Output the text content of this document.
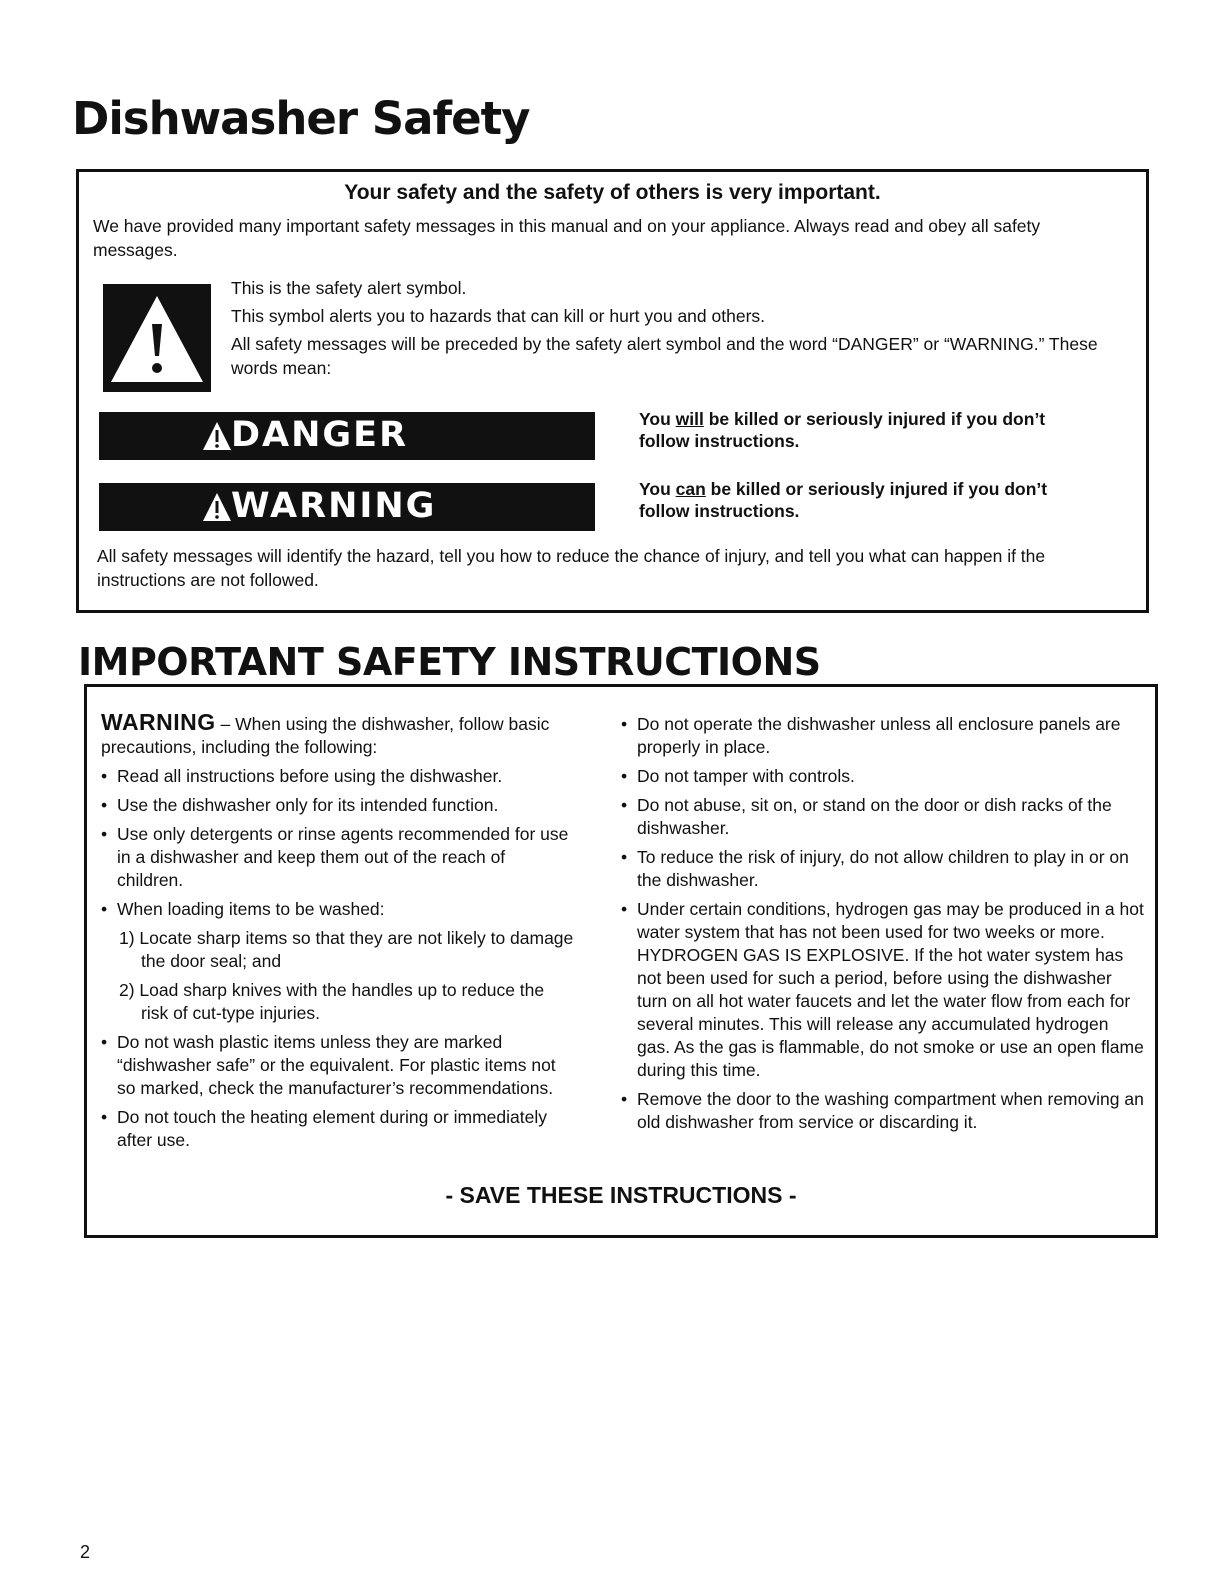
Dishwasher Safety

Your safety and the safety of others is very important.

We have provided many important safety messages in this manual and on your appliance. Always read and obey all safety messages.

This is the safety alert symbol.

This symbol alerts you to hazards that can kill or hurt you and others.

All safety messages will be preceded by the safety alert symbol and the word “DANGER” or “WARNING.” These words mean:

DANGER	You will be killed or seriously injured if you don’t follow instructions.

WARNING	You can be killed or seriously injured if you don’t follow instructions.

All safety messages will identify the hazard, tell you how to reduce the chance of injury, and tell you what can happen if the instructions are not followed.

IMPORTANT SAFETY INSTRUCTIONS

WARNING – When using the dishwasher, follow basic precautions, including the following:

• Read all instructions before using the dishwasher.
• Use the dishwasher only for its intended function.
• Use only detergents or rinse agents recommended for use in a dishwasher and keep them out of the reach of children.
• When loading items to be washed:
1) Locate sharp items so that they are not likely to damage the door seal; and
2) Load sharp knives with the handles up to reduce the risk of cut-type injuries.
• Do not wash plastic items unless they are marked “dishwasher safe” or the equivalent. For plastic items not so marked, check the manufacturer’s recommendations.
• Do not touch the heating element during or immediately after use.
• Do not operate the dishwasher unless all enclosure panels are properly in place.
• Do not tamper with controls.
• Do not abuse, sit on, or stand on the door or dish racks of the dishwasher.
• To reduce the risk of injury, do not allow children to play in or on the dishwasher.
• Under certain conditions, hydrogen gas may be produced in a hot water system that has not been used for two weeks or more. HYDROGEN GAS IS EXPLOSIVE. If the hot water system has not been used for such a period, before using the dishwasher turn on all hot water faucets and let the water flow from each for several minutes. This will release any accumulated hydrogen gas. As the gas is flammable, do not smoke or use an open flame during this time.
• Remove the door to the washing compartment when removing an old dishwasher from service or discarding it.

- SAVE THESE INSTRUCTIONS -

2
